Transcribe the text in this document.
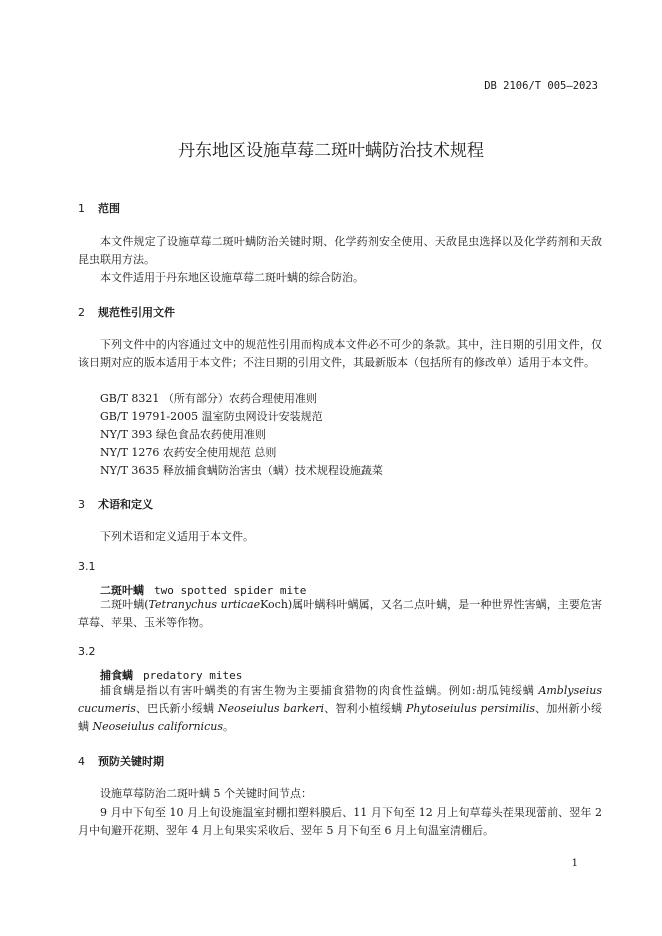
DB 2106/T 005—2023
丹东地区设施草莓二斑叶螨防治技术规程
1 范围
本文件规定了设施草莓二斑叶螨防治关键时期、化学药剂安全使用、天敌昆虫选择以及化学药剂和天敌昆虫联用方法。
本文件适用于丹东地区设施草莓二斑叶螨的综合防治。
2 规范性引用文件
下列文件中的内容通过文中的规范性引用而构成本文件必不可少的条款。其中，注日期的引用文件，仅该日期对应的版本适用于本文件；不注日期的引用文件，其最新版本（包括所有的修改单）适用于本文件。
GB/T 8321 （所有部分）农药合理使用准则
GB/T 19791-2005 温室防虫网设计安装规范
NY/T 393 绿色食品农药使用准则
NY/T 1276 农药安全使用规范 总则
NY/T 3635 释放捕食螨防治害虫（螨）技术规程设施蔬菜
3 术语和定义
下列术语和定义适用于本文件。
3.1
二斑叶螨 two spotted spider mite
二斑叶螨(Tetranychus urticaeKoch)属叶螨科叶螨属，又名二点叶螨，是一种世界性害螨，主要危害草莓、苹果、玉米等作物。
3.2
捕食螨 predatory mites
捕食螨是指以有害叶螨类的有害生物为主要捕食猎物的肉食性益螨。例如:胡瓜钝绥螨 Amblyseius cucumeris、巴氏新小绥螨 Neoseiulus barkeri、智利小植绥螨 Phytoseiulus persimilis、加州新小绥螨 Neoseiulus californicus。
4 预防关键时期
设施草莓防治二斑叶螨 5 个关键时间节点：
9 月中下旬至 10 月上旬设施温室封棚扣塑料膜后、11 月下旬至 12 月上旬草莓头茬果现蕾前、翌年 2 月中旬避开花期、翌年 4 月上旬果实采收后、翌年 5 月下旬至 6 月上旬温室清棚后。
1
